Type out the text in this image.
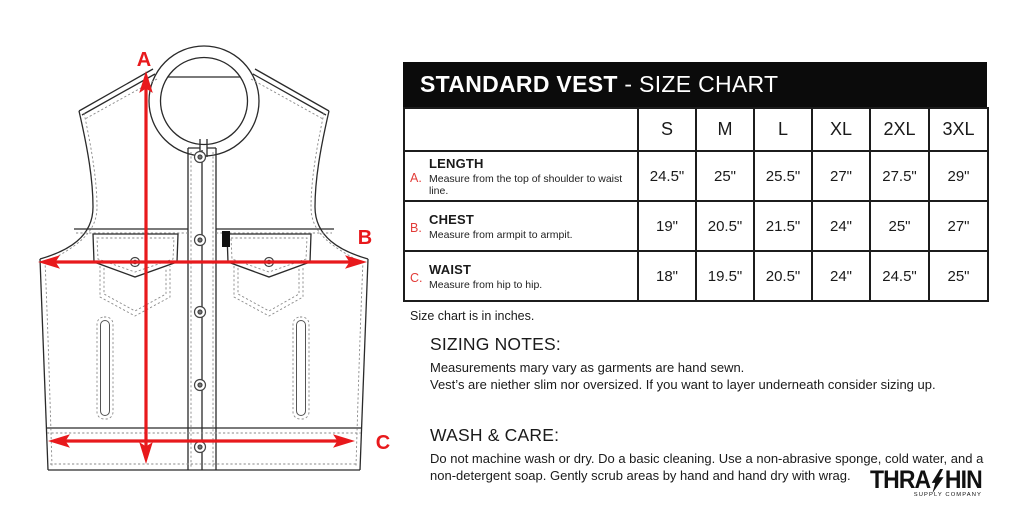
A
B
C
STANDARD VEST - SIZE CHART
	S	M	L	XL	2XL	3XL

A.
LENGTH
Measure from the top of shoulder to waist line.	24.5"	25"	25.5"	27"	27.5"	29"

B.
CHEST
Measure from armpit to armpit.	19"	20.5"	21.5"	24"	25"	27"

C.
WAIST
Measure from hip to hip.	18"	19.5"	20.5"	24"	24.5"	25"
Size chart is in inches.
SIZING NOTES:
Measurements mary vary as garments are hand sewn.
Vest’s are niether slim nor oversized. If you want to layer underneath consider sizing up.
WASH & CARE:
Do not machine wash or dry. Do a basic cleaning. Use a non-abrasive sponge, cold water, and a
non-detergent soap. Gently scrub areas by hand and hand dry with wrag. THRA HIN
SUPPLY COMPANY
